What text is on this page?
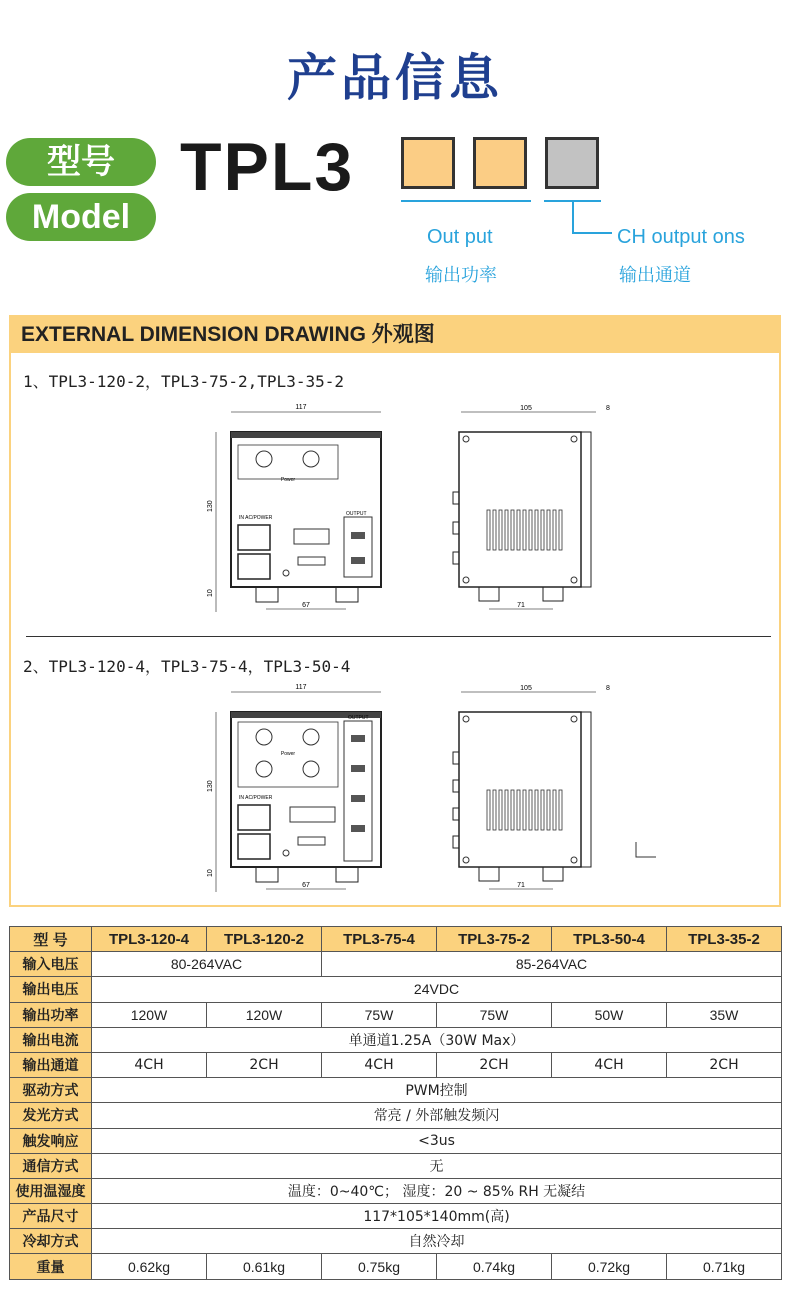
产品信息
型号
Model
TPL3
Out put
输出功率
CH output ons
输出通道
EXTERNAL DIMENSION DRAWING 外观图
1、TPL3-120-2，TPL3-75-2,TPL3-35-2
117
130
10
Power
IN AC/POWER
OUTPUT
67
105	8
71
2、TPL3-120-4，TPL3-75-4，TPL3-50-4
117
130
10
Power
IN AC/POWER
OUTPUT
67
105	8
71
型 号	TPL3-120-4	TPL3-120-2	TPL3-75-4	TPL3-75-2	TPL3-50-4	TPL3-35-2
输入电压	80-264VAC		85-264VAC			
输出电压	24VDC					
输出功率	120W	120W	75W	75W	50W	35W
输出电流	单通道1.25A（30W Max）					
输出通道	4CH	2CH	4CH	2CH	4CH	2CH
驱动方式	PWM控制					
发光方式	常亮 / 外部触发频闪					
触发响应	<3us					
通信方式	无					
使用温湿度	温度：0~40℃； 湿度：20 ~ 85% RH 无凝结					
产品尺寸	117*105*140mm(高)					
冷却方式	自然冷却					
重量	0.62kg	0.61kg	0.75kg	0.74kg	0.72kg	0.71kg
